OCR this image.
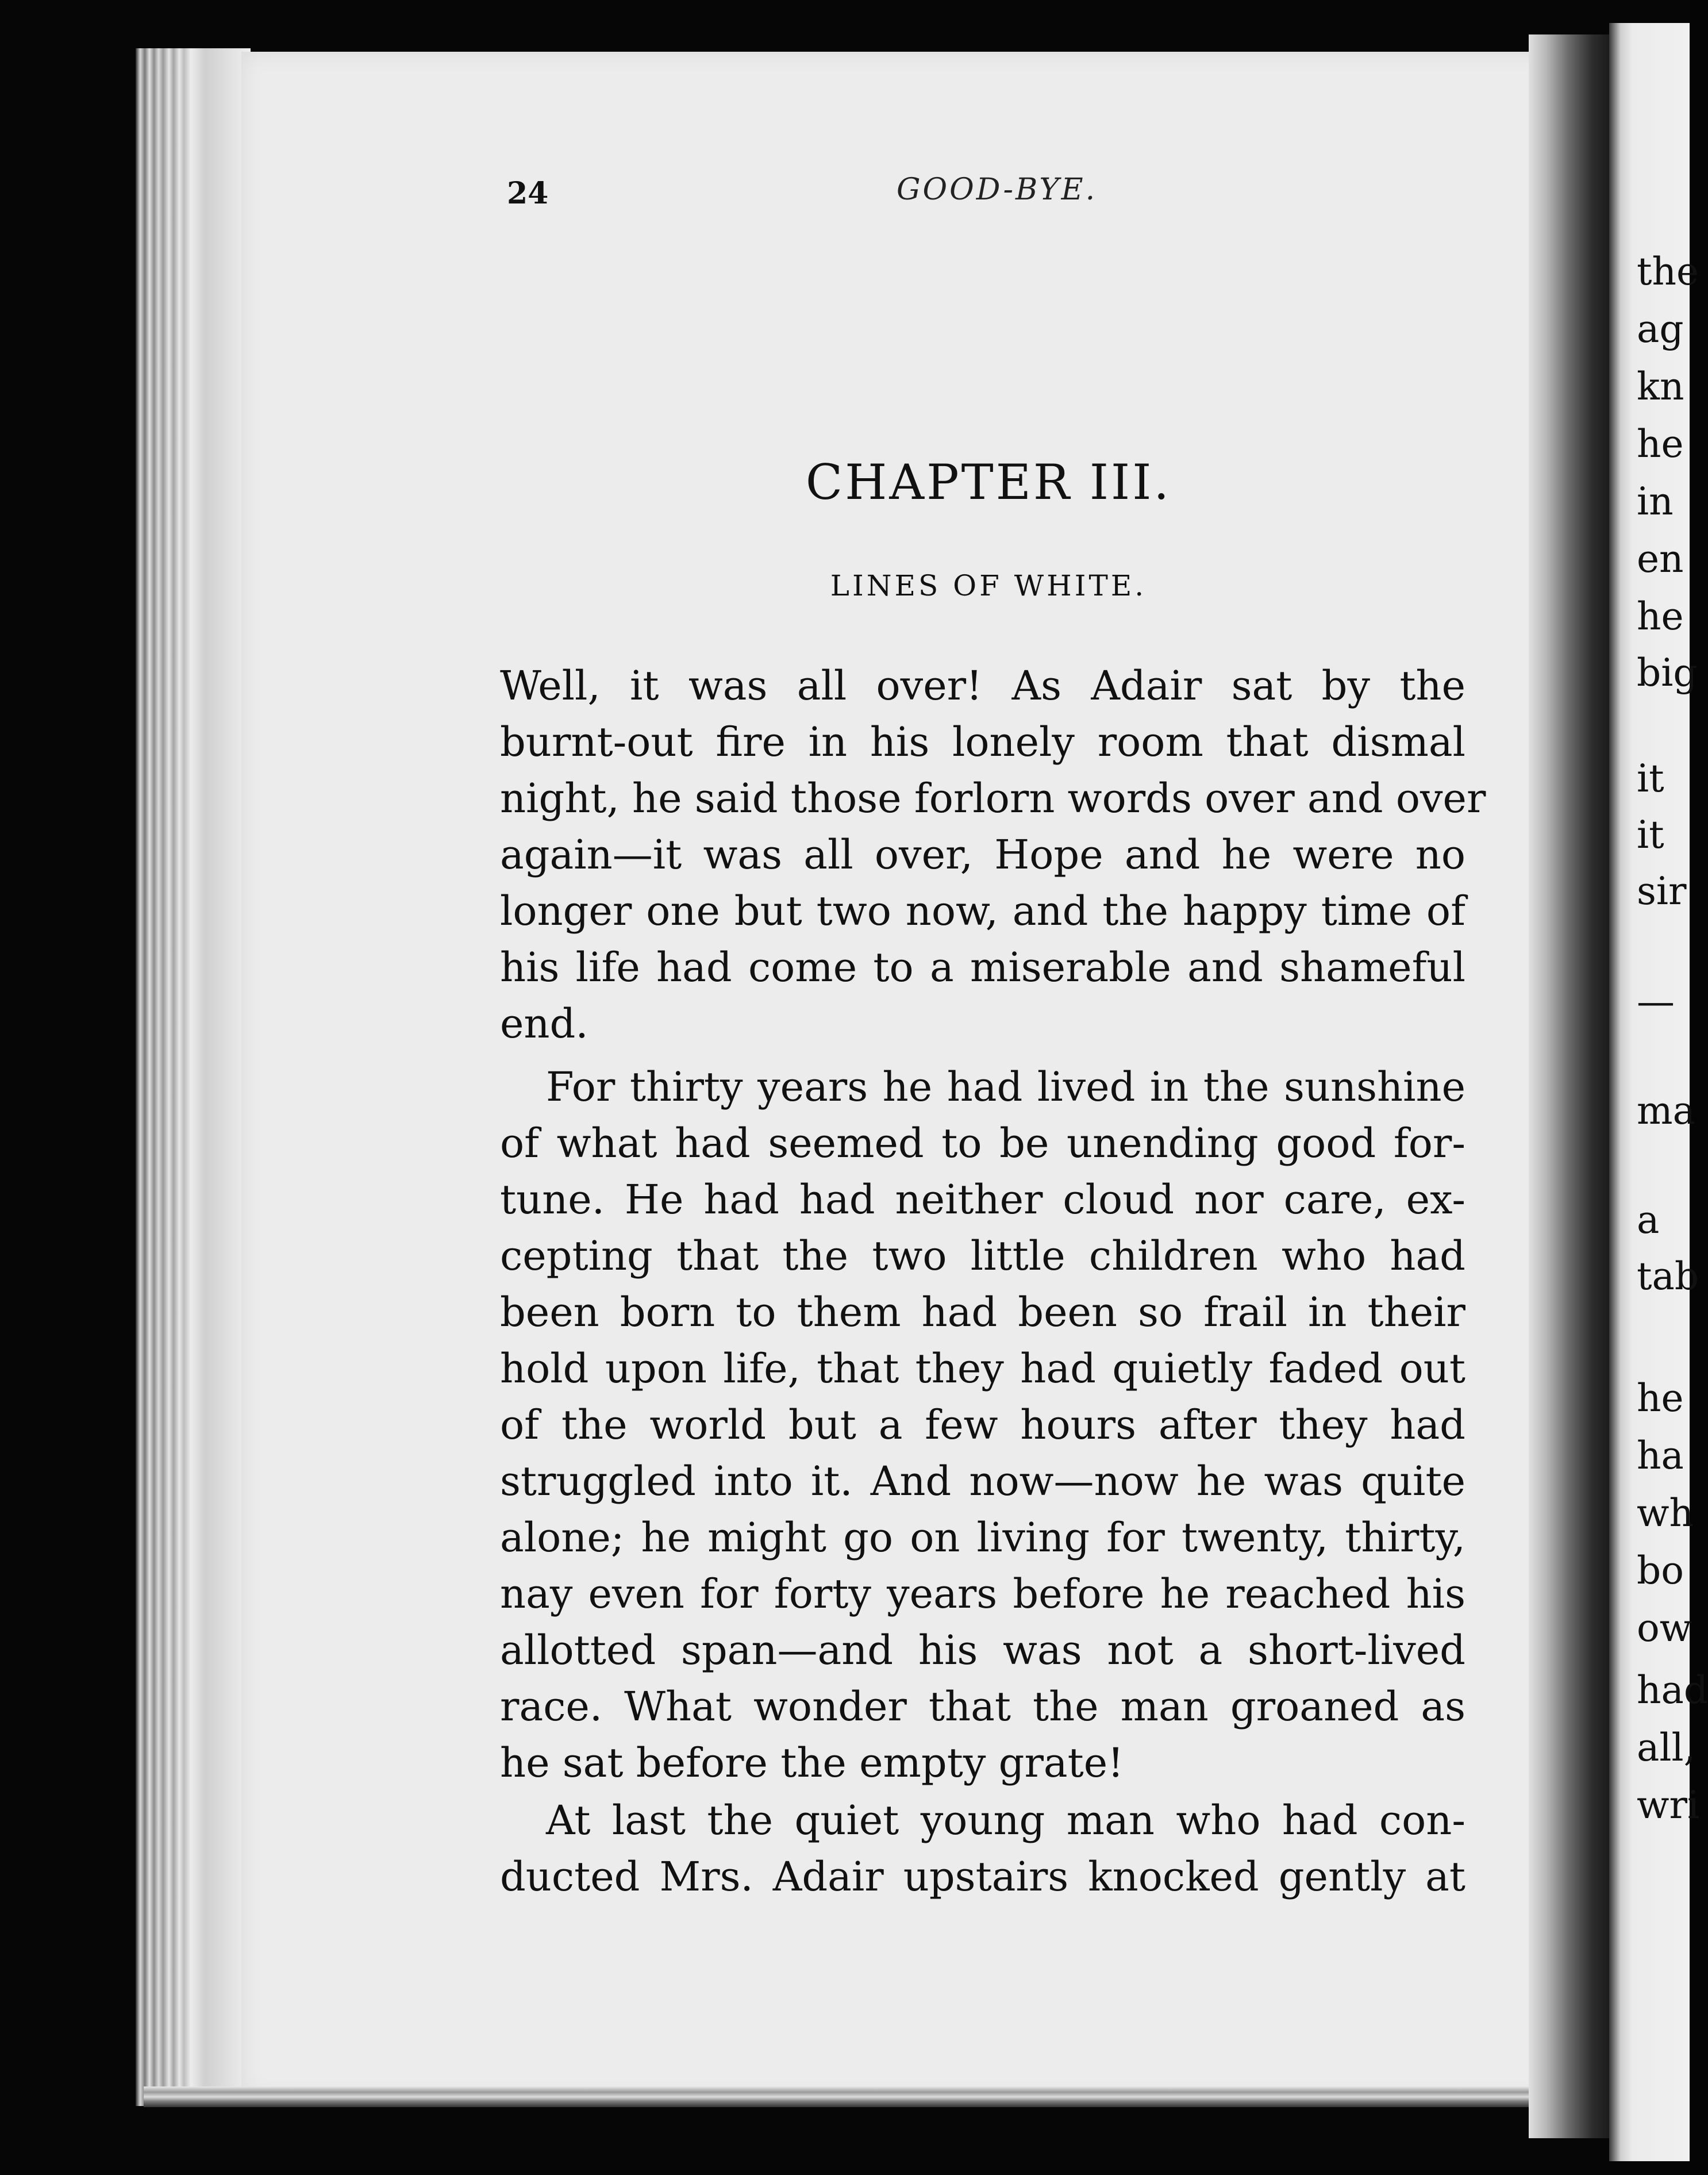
24	GOOD-BYE.
CHAPTER III.
LINES OF WHITE.
Well, it was all over! As Adair sat by the
burnt-out fire in his lonely room that dismal
night, he said those forlorn words over and over
again—it was all over, Hope and he were no
longer one but two now, and the happy time of
his life had come to a miserable and shameful
end.
For thirty years he had lived in the sunshine
of what had seemed to be unending good for-
tune. He had had neither cloud nor care, ex-
cepting that the two little children who had
been born to them had been so frail in their
hold upon life, that they had quietly faded out
of the world but a few hours after they had
struggled into it. And now—now he was quite
alone; he might go on living for twenty, thirty,
nay even for forty years before he reached his
allotted span—and his was not a short-lived
race. What wonder that the man groaned as
he sat before the empty grate!
At last the quiet young man who had con-
ducted Mrs. Adair upstairs knocked gently at
the
ag
kn
he
in
en
he
big
it
it
sir
—
ma
a
tab
he
ha
wh
bo
ow
had
all,
wri
